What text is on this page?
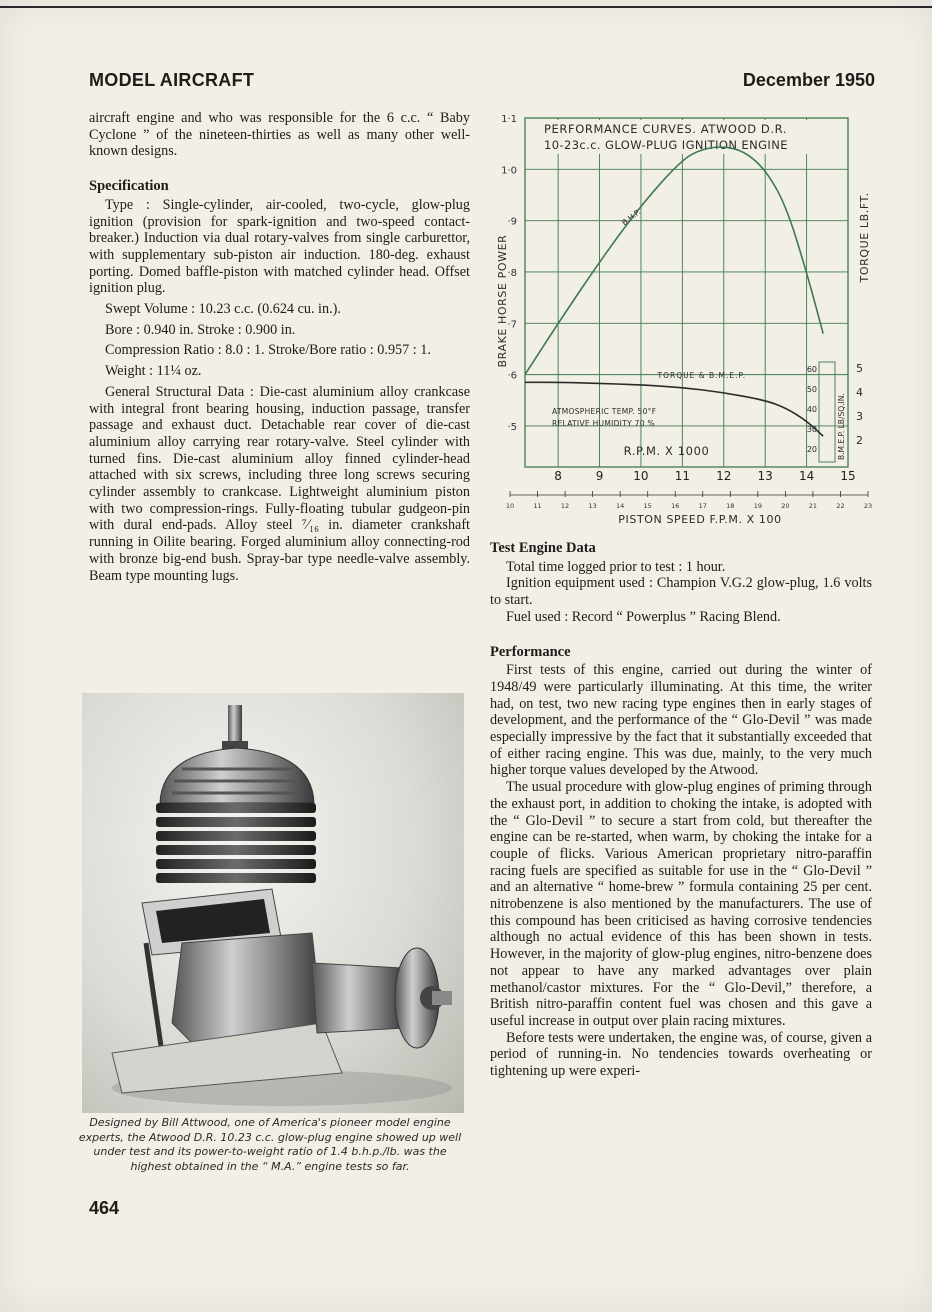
MODEL AIRCRAFT	December 1950

aircraft engine and who was responsible for the 6 c.c. “ Baby Cyclone ” of the nineteen-thirties as well as many other well-known designs.

Specification

Type : Single-cylinder, air-cooled, two-cycle, glow-plug ignition (provision for spark-ignition and two-speed contact-breaker.) Induction via dual rotary-valves from single carburettor, with supplementary sub-piston air induction. 180-deg. exhaust porting. Domed baffle-piston with matched cylinder head. Offset ignition plug.

Swept Volume : 10.23 c.c. (0.624 cu. in.).

Bore : 0.940 in. Stroke : 0.900 in.

Compression Ratio : 8.0 : 1. Stroke/Bore ratio : 0.957 : 1.

Weight : 11¼ oz.

General Structural Data : Die-cast aluminium alloy crankcase with integral front bearing housing, induction passage, transfer passage and exhaust duct. Detachable rear cover of die-cast aluminium alloy carrying rear rotary-valve. Steel cylinder with turned fins. Die-cast aluminium alloy finned cylinder-head attached with six screws, including three long screws securing cylinder assembly to crankcase. Lightweight aluminium piston with two compression-rings. Fully-floating tubular gudgeon-pin with dural end-pads. Alloy steel ⁷⁄₁₆ in. diameter crankshaft running in Oilite bearing. Forged aluminium alloy connecting-rod with bronze big-end bush. Spray-bar type needle-valve assembly. Beam type mounting lugs.

Designed by Bill Attwood, one of America's pioneer model engine experts, the Atwood D.R. 10.23 c.c. glow-plug engine showed up well under test and its power-to-weight ratio of 1.4 b.h.p./lb. was the highest obtained in the “ M.A.” engine tests so far.
8	9 10 11 12 13 14 15
1·1
1·0
·9
·8
·7
·6
·5
PERFORMANCE CURVES. ATWOOD D.R.
10-23c.c. GLOW-PLUG IGNITION ENGINE
BRAKE HORSE POWER	TORQUE LB.FT.
5
4
3
2
60
50
40
30
20	B.M.E.P. LB/SQ.IN.
ATMOSPHERIC TEMP. 50°F
RELATIVE HUMIDITY 70 %
R.P.M. X 1000
10	11	12	13	14	15	16	17	18	19	20	21	22	23
PISTON SPEED F.P.M. X 100
B.H.P.
TORQUE & B.M.E.P.

Test Engine Data

Total time logged prior to test : 1 hour.

Ignition equipment used : Champion V.G.2 glow-plug, 1.6 volts to start.

Fuel used : Record “ Powerplus ” Racing Blend.

Performance

First tests of this engine, carried out during the winter of 1948/49 were particularly illuminating. At this time, the writer had, on test, two new racing type engines then in early stages of development, and the performance of the “ Glo-Devil ” was made especially impressive by the fact that it substantially exceeded that of either racing engine. This was due, mainly, to the very much higher torque values developed by the Atwood.

The usual procedure with glow-plug engines of priming through the exhaust port, in addition to choking the intake, is adopted with the “ Glo-Devil ” to secure a start from cold, but thereafter the engine can be re-started, when warm, by choking the intake for a couple of flicks. Various American proprietary nitro-paraffin racing fuels are specified as suitable for use in the “ Glo-Devil ” and an alternative “ home-brew ” formula containing 25 per cent. nitrobenzene is also mentioned by the manufacturers. The use of this compound has been criticised as having corrosive tendencies although no actual evidence of this has been shown in tests. However, in the majority of glow-plug engines, nitro-benzene does not appear to have any marked advantages over plain methanol/castor mixtures. For the “ Glo-Devil,” therefore, a British nitro-paraffin content fuel was chosen and this gave a useful increase in output over plain racing mixtures.

Before tests were undertaken, the engine was, of course, given a period of running-in. No tendencies towards overheating or tightening up were experi-

464
